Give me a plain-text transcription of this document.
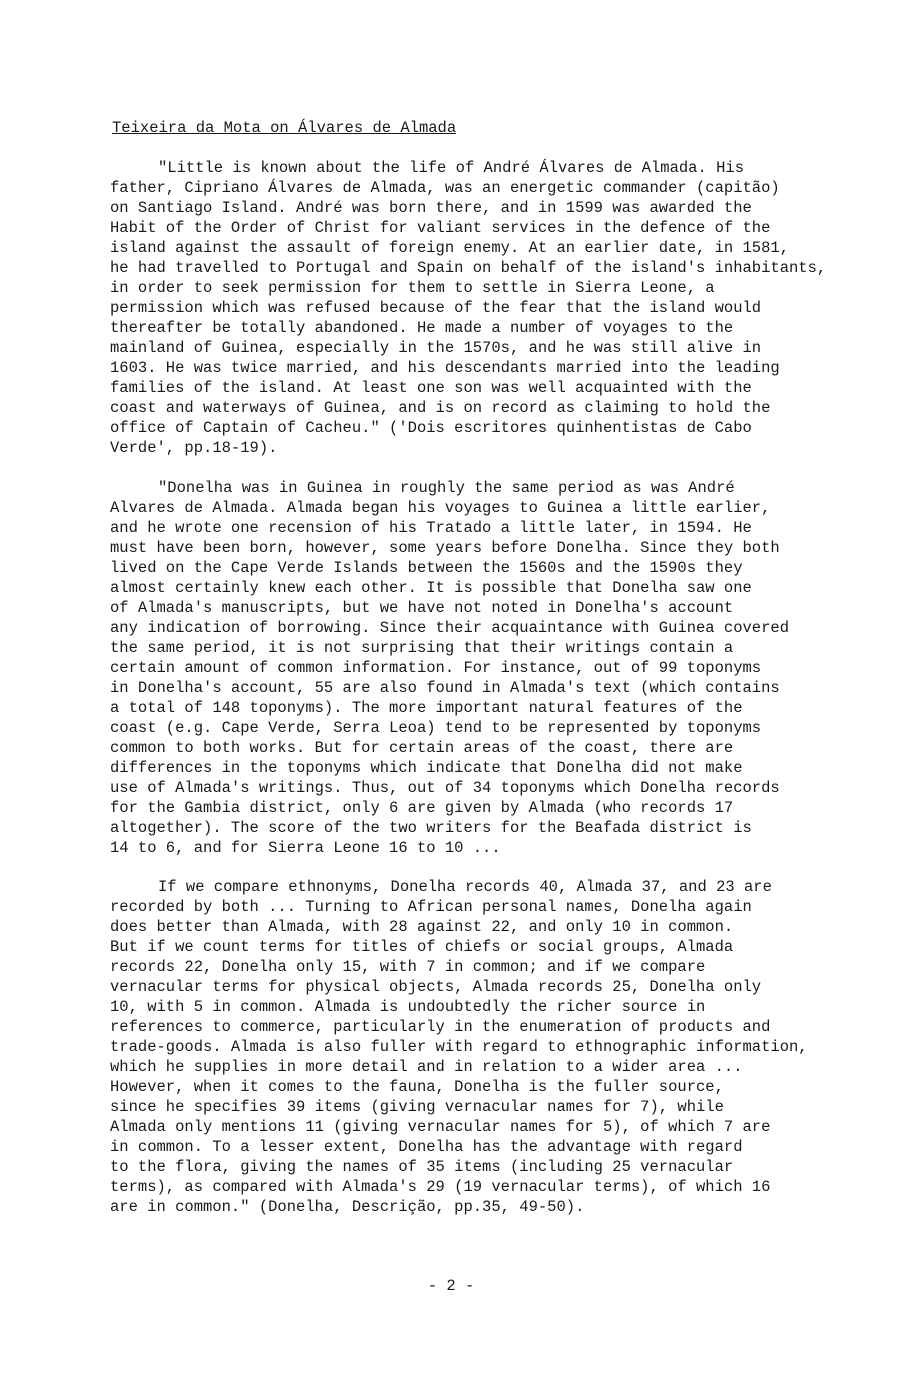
Teixeira da Mota on Álvares de Almada
"Little is known about the life of André Álvares de Almada. His
father, Cipriano Álvares de Almada, was an energetic commander (capitão)
on Santiago Island. André was born there, and in 1599 was awarded the
Habit of the Order of Christ for valiant services in the defence of the
island against the assault of foreign enemy. At an earlier date, in 1581,
he had travelled to Portugal and Spain on behalf of the island's inhabitants,
in order to seek permission for them to settle in Sierra Leone, a
permission which was refused because of the fear that the island would
thereafter be totally abandoned. He made a number of voyages to the
mainland of Guinea, especially in the 1570s, and he was still alive in
1603. He was twice married, and his descendants married into the leading
families of the island. At least one son was well acquainted with the
coast and waterways of Guinea, and is on record as claiming to hold the
office of Captain of Cacheu." ('Dois escritores quinhentistas de Cabo
Verde', pp.18-19).
"Donelha was in Guinea in roughly the same period as was André
Alvares de Almada. Almada began his voyages to Guinea a little earlier,
and he wrote one recension of his Tratado a little later, in 1594. He
must have been born, however, some years before Donelha. Since they both
lived on the Cape Verde Islands between the 1560s and the 1590s they
almost certainly knew each other. It is possible that Donelha saw one
of Almada's manuscripts, but we have not noted in Donelha's account
any indication of borrowing. Since their acquaintance with Guinea covered
the same period, it is not surprising that their writings contain a
certain amount of common information. For instance, out of 99 toponyms
in Donelha's account, 55 are also found in Almada's text (which contains
a total of 148 toponyms). The more important natural features of the
coast (e.g. Cape Verde, Serra Leoa) tend to be represented by toponyms
common to both works. But for certain areas of the coast, there are
differences in the toponyms which indicate that Donelha did not make
use of Almada's writings. Thus, out of 34 toponyms which Donelha records
for the Gambia district, only 6 are given by Almada (who records 17
altogether). The score of the two writers for the Beafada district is
14 to 6, and for Sierra Leone 16 to 10 ...
If we compare ethnonyms, Donelha records 40, Almada 37, and 23 are
recorded by both ... Turning to African personal names, Donelha again
does better than Almada, with 28 against 22, and only 10 in common.
But if we count terms for titles of chiefs or social groups, Almada
records 22, Donelha only 15, with 7 in common; and if we compare
vernacular terms for physical objects, Almada records 25, Donelha only
10, with 5 in common. Almada is undoubtedly the richer source in
references to commerce, particularly in the enumeration of products and
trade-goods. Almada is also fuller with regard to ethnographic information,
which he supplies in more detail and in relation to a wider area ...
However, when it comes to the fauna, Donelha is the fuller source,
since he specifies 39 items (giving vernacular names for 7), while
Almada only mentions 11 (giving vernacular names for 5), of which 7 are
in common. To a lesser extent, Donelha has the advantage with regard
to the flora, giving the names of 35 items (including 25 vernacular
terms), as compared with Almada's 29 (19 vernacular terms), of which 16
are in common." (Donelha, Descrição, pp.35, 49-50).
- 2 -
